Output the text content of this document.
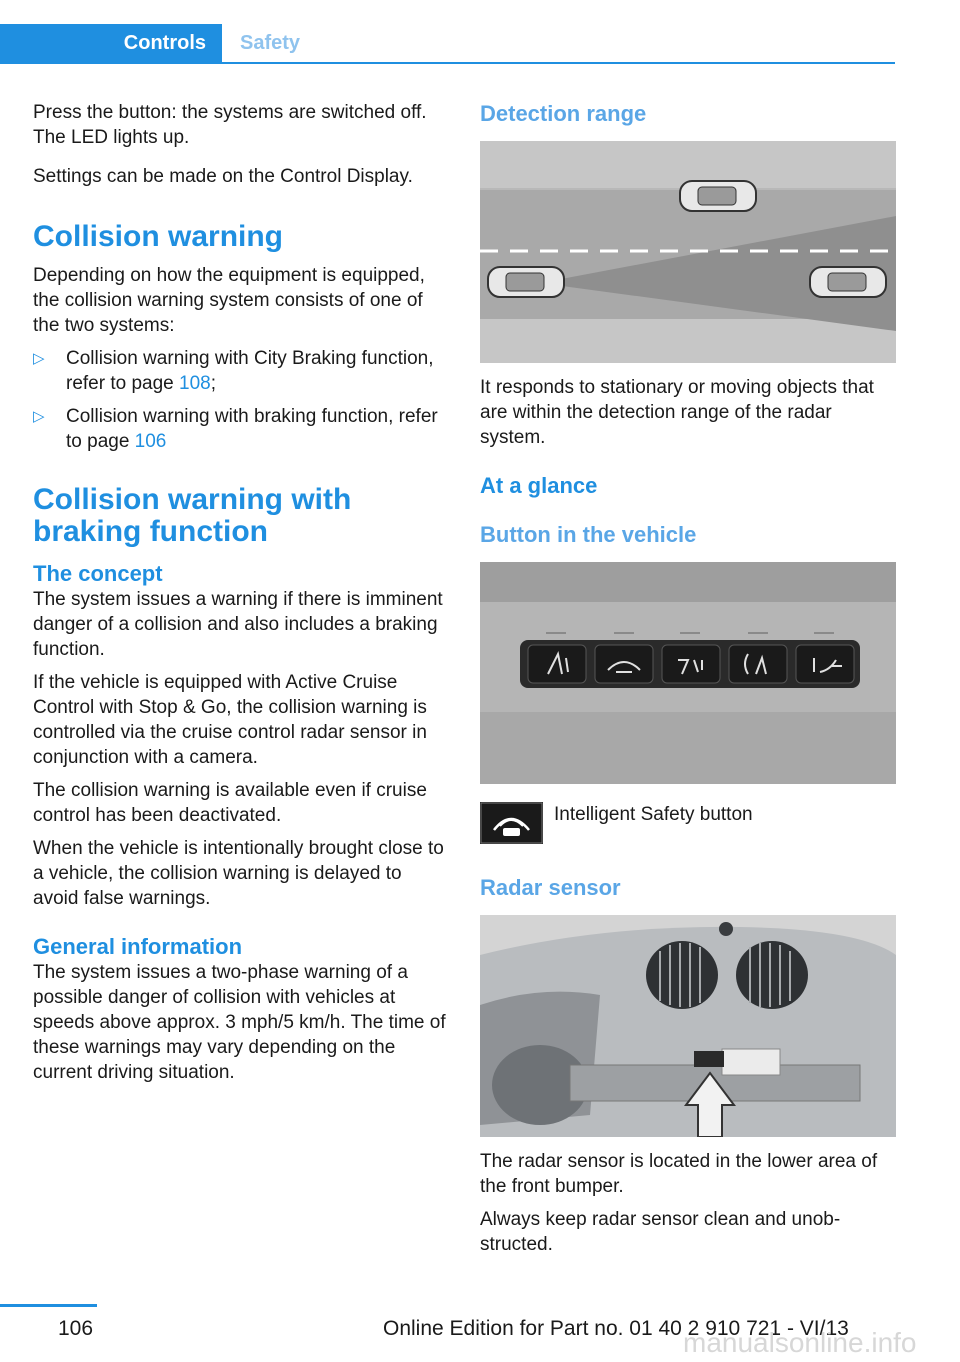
Controls Safety

Press the button: the systems are switched off. The LED lights up.

Settings can be made on the Control Display.

Collision warning

Depending on how the equipment is equipped, the collision warning system consists of one of the two systems:

▷ Collision warning with City Braking function, refer to page 108;
▷ Collision warning with braking function, refer to page 106
Collision warning with braking function
The concept

The system issues a warning if there is imminent danger of a collision and also includes a braking function.

If the vehicle is equipped with Active Cruise Control with Stop & Go, the collision warning is controlled via the cruise control radar sensor in conjunction with a camera.

The collision warning is available even if cruise control has been deactivated.

When the vehicle is intentionally brought close to a vehicle, the collision warning is delayed to avoid false warnings.

General information

The system issues a two-phase warning of a possible danger of collision with vehicles at speeds above approx. 3 mph/5 km/h. The time of these warnings may vary depending on the current driving situation.

Detection range

It responds to stationary or moving objects that are within the detection range of the radar system.

At a glance
Button in the vehicle

Intelligent Safety button

Radar sensor

The radar sensor is located in the lower area of the front bumper.

Always keep radar sensor clean and unobstructed.

106	Online Edition for Part no. 01 40 2 910 721 - VI/13
manualsonline.info
